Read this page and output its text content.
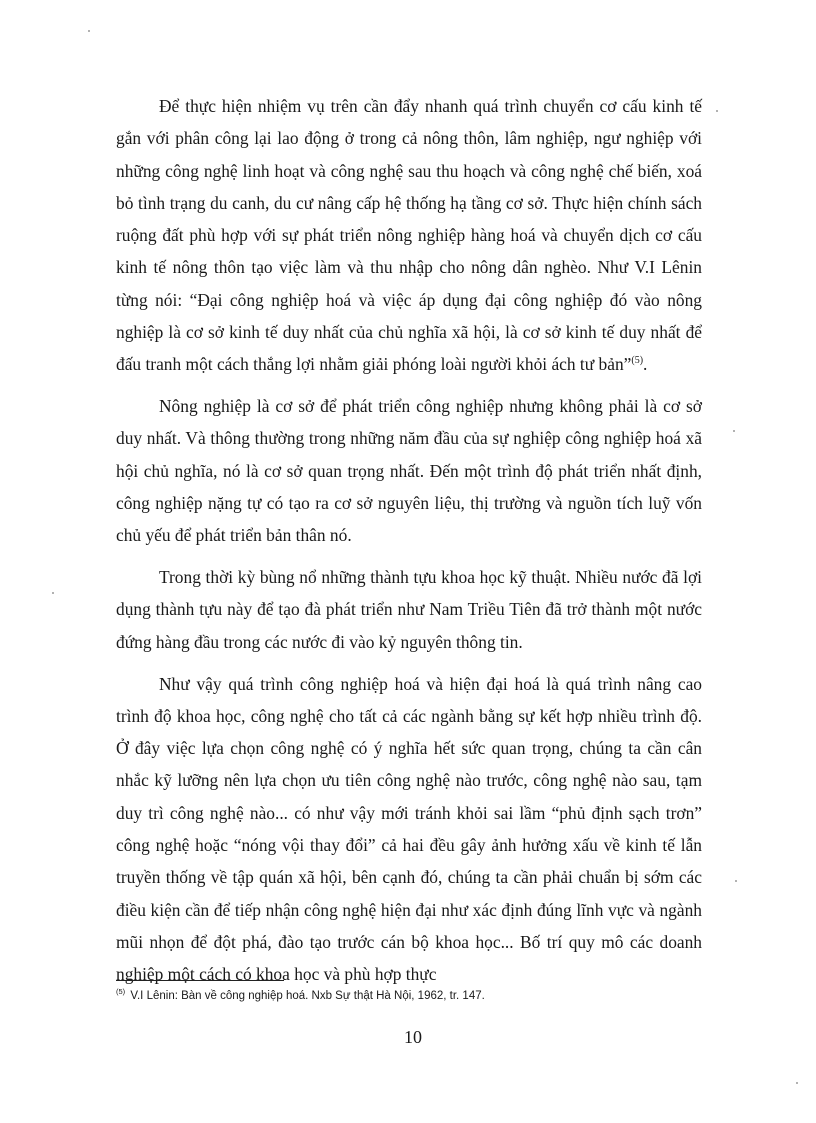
Để thực hiện nhiệm vụ trên cần đẩy nhanh quá trình chuyển cơ cấu kinh tế gắn với phân công lại lao động ở trong cả nông thôn, lâm nghiệp, ngư nghiệp với những công nghệ linh hoạt và công nghệ sau thu hoạch và công nghệ chế biến, xoá bỏ tình trạng du canh, du cư nâng cấp hệ thống hạ tầng cơ sở. Thực hiện chính sách ruộng đất phù hợp với sự phát triển nông nghiệp hàng hoá và chuyển dịch cơ cấu kinh tế nông thôn tạo việc làm và thu nhập cho nông dân nghèo. Như V.I Lênin từng nói: “Đại công nghiệp hoá và việc áp dụng đại công nghiệp đó vào nông nghiệp là cơ sở kinh tế duy nhất của chủ nghĩa xã hội, là cơ sở kinh tế duy nhất để đấu tranh một cách thắng lợi nhằm giải phóng loài người khỏi ách tư bản”$^{(5)}$.

Nông nghiệp là cơ sở để phát triển công nghiệp nhưng không phải là cơ sở duy nhất. Và thông thường trong những năm đầu của sự nghiệp công nghiệp hoá xã hội chủ nghĩa, nó là cơ sở quan trọng nhất. Đến một trình độ phát triển nhất định, công nghiệp nặng tự có tạo ra cơ sở nguyên liệu, thị trường và nguồn tích luỹ vốn chủ yếu để phát triển bản thân nó.

Trong thời kỳ bùng nổ những thành tựu khoa học kỹ thuật. Nhiều nước đã lợi dụng thành tựu này để tạo đà phát triển như Nam Triều Tiên đã trở thành một nước đứng hàng đầu trong các nước đi vào kỷ nguyên thông tin.

Như vậy quá trình công nghiệp hoá và hiện đại hoá là quá trình nâng cao trình độ khoa học, công nghệ cho tất cả các ngành bằng sự kết hợp nhiều trình độ. Ở đây việc lựa chọn công nghệ có ý nghĩa hết sức quan trọng, chúng ta cần cân nhắc kỹ lưỡng nên lựa chọn ưu tiên công nghệ nào trước, công nghệ nào sau, tạm duy trì công nghệ nào... có như vậy mới tránh khỏi sai lầm “phủ định sạch trơn” công nghệ hoặc “nóng vội thay đổi” cả hai đều gây ảnh hưởng xấu về kinh tế lẫn truyền thống về tập quán xã hội, bên cạnh đó, chúng ta cần phải chuẩn bị sớm các điều kiện cần để tiếp nhận công nghệ hiện đại như xác định đúng lĩnh vực và ngành mũi nhọn để đột phá, đào tạo trước cán bộ khoa học... Bố trí quy mô các doanh nghiệp một cách có khoa học và phù hợp thực

$^{(5)}$ V.I Lênin: Bàn về công nghiệp hoá. Nxb Sự thật Hà Nội, 1962, tr. 147.
10
